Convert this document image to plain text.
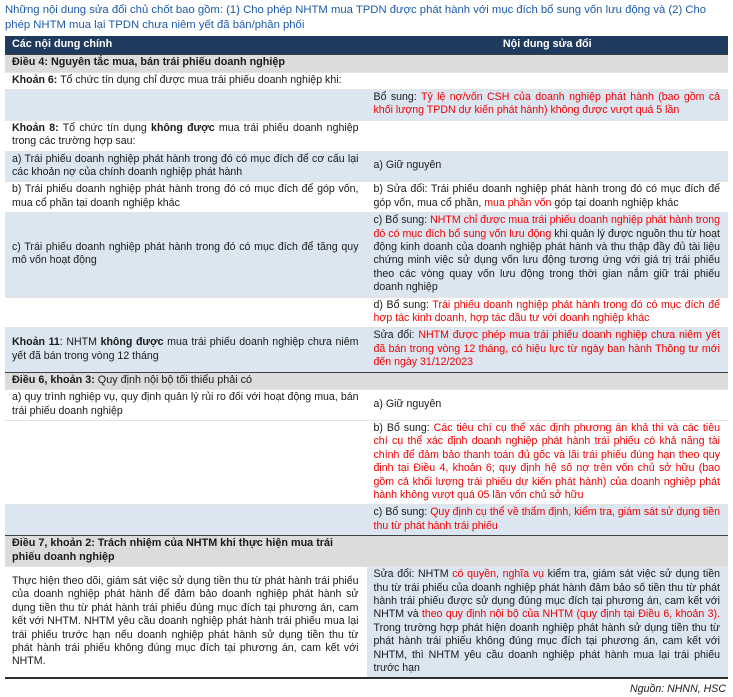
Những nội dung sửa đổi chủ chốt bao gồm: (1) Cho phép NHTM mua TPDN được phát hành với mục đích bổ sung vốn lưu động và (2) Cho phép NHTM mua lại TPDN chưa niêm yết đã bán/phân phối

Các nội dung chính	Nội dung sửa đổi

Điều 4: Nguyên tắc mua, bán trái phiếu doanh nghiệp	

Khoản 6: Tổ chức tín dụng chỉ được mua trái phiếu doanh nghiệp khi:	
	Bổ sung: Tỷ lệ nợ/vốn CSH của doanh nghiệp phát hành (bao gồm cả khối lượng TPDN dự kiến phát hành) không được vượt quá 5 lần
Khoản 8: Tổ chức tín dụng không được mua trái phiếu doanh nghiệp trong các trường hợp sau:	
a) Trái phiếu doanh nghiệp phát hành trong đó có mục đích để cơ cấu lại các khoản nợ của chính doanh nghiệp phát hành	a) Giữ nguyên
b) Trái phiếu doanh nghiệp phát hành trong đó có mục đích để góp vốn, mua cổ phần tại doanh nghiệp khác	b) Sửa đổi: Trái phiếu doanh nghiệp phát hành trong đó có mục đích để góp vốn, mua cổ phần, mua phần vốn góp tại doanh nghiệp khác
c) Trái phiếu doanh nghiệp phát hành trong đó có mục đích để tăng quy mô vốn hoạt động	c) Bổ sung: NHTM chỉ được mua trái phiếu doanh nghiệp phát hành trong đó có mục đích bổ sung vốn lưu động khi quản lý được nguồn thu từ hoạt động kinh doanh của doanh nghiệp phát hành và thu thập đầy đủ tài liệu chứng minh việc sử dụng vốn lưu động tương ứng với giá trị trái phiếu theo các vòng quay vốn lưu động trong thời gian nắm giữ trái phiếu doanh nghiệp
	d) Bổ sung: Trái phiếu doanh nghiệp phát hành trong đó có mục đích để hợp tác kinh doanh, hợp tác đầu tư với doanh nghiệp khác
Khoản 11: NHTM không được mua trái phiếu doanh nghiệp chưa niêm yết đã bán trong vòng 12 tháng	Sửa đổi: NHTM được phép mua trái phiếu doanh nghiệp chưa niêm yết đã bán trong vòng 12 tháng, có hiệu lực từ ngày ban hành Thông tư mới đến ngày 31/12/2023

Điều 6, khoản 3: Quy định nội bộ tối thiểu phải có	

a) quy trình nghiệp vụ, quy định quản lý rủi ro đối với hoạt động mua, bán trái phiếu doanh nghiệp	a) Giữ nguyên
	b) Bổ sung: Các tiêu chí cụ thể xác định phương án khả thi và các tiêu chí cụ thể xác định doanh nghiệp phát hành trái phiếu có khả năng tài chính để đảm bảo thanh toán đủ gốc và lãi trái phiếu đúng hạn theo quy định tại Điều 4, khoản 6; quy định hệ số nợ trên vốn chủ sở hữu (bao gồm cả khối lượng trái phiếu dự kiến phát hành) của doanh nghiệp phát hành không vượt quá 05 lần vốn chủ sở hữu
	c) Bổ sung: Quy định cụ thể về thẩm định, kiểm tra, giám sát sử dụng tiền thu từ phát hành trái phiếu

Điều 7, khoản 2: Trách nhiệm của NHTM khi thực hiện mua trái phiếu doanh nghiệp	

Thực hiện theo dõi, giám sát việc sử dụng tiền thu từ phát hành trái phiếu của doanh nghiệp phát hành để đảm bảo doanh nghiệp phát hành sử dụng tiền thu từ phát hành trái phiếu đúng mục đích tại phương án, cam kết với NHTM. NHTM yêu cầu doanh nghiệp phát hành trái phiếu mua lại trái phiếu trước hạn nếu doanh nghiệp phát hành sử dụng tiền thu từ phát hành trái phiếu không đúng mục đích tại phương án, cam kết với NHTM.	Sửa đổi: NHTM có quyền, nghĩa vụ kiểm tra, giám sát việc sử dụng tiền thu từ trái phiếu của doanh nghiệp phát hành đảm bảo số tiền thu từ phát hành trái phiếu được sử dụng đúng mục đích tại phương án, cam kết với NHTM và theo quy định nội bộ của NHTM (quy định tại Điều 6, khoản 3). Trong trường hợp phát hiện doanh nghiệp phát hành sử dụng tiền thu từ phát hành trái phiếu không đúng mục đích tại phương án, cam kết với NHTM, thì NHTM yêu cầu doanh nghiệp phát hành mua lại trái phiếu trước hạn

Nguồn: NHNN, HSC
